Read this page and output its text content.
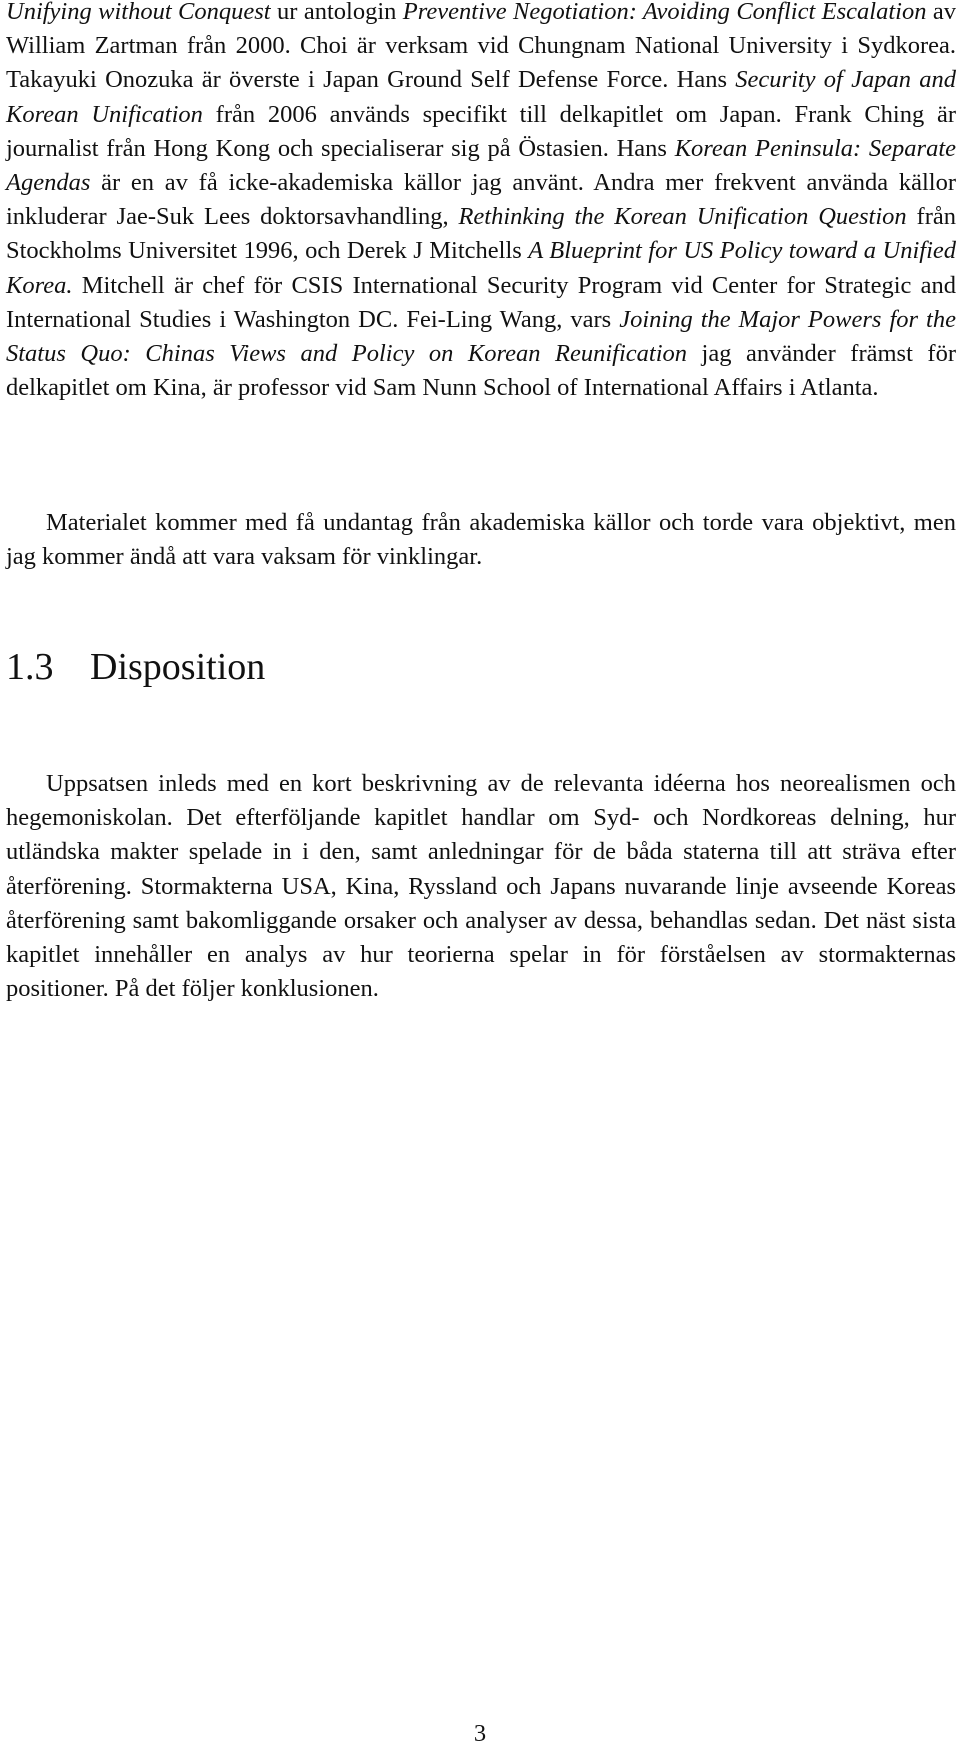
Unifying without Conquest ur antologin Preventive Negotiation: Avoiding Conflict Escalation av William Zartman från 2000. Choi är verksam vid Chungnam National University i Sydkorea. Takayuki Onozuka är överste i Japan Ground Self Defense Force. Hans Security of Japan and Korean Unification från 2006 används specifikt till delkapitlet om Japan. Frank Ching är journalist från Hong Kong och specialiserar sig på Östasien. Hans Korean Peninsula: Separate Agendas är en av få icke-akademiska källor jag använt. Andra mer frekvent använda källor inkluderar Jae-Suk Lees doktorsavhandling, Rethinking the Korean Unification Question från Stockholms Universitet 1996, och Derek J Mitchells A Blueprint for US Policy toward a Unified Korea. Mitchell är chef för CSIS International Security Program vid Center for Strategic and International Studies i Washington DC. Fei-Ling Wang, vars Joining the Major Powers for the Status Quo: Chinas Views and Policy on Korean Reunification jag använder främst för delkapitlet om Kina, är professor vid Sam Nunn School of International Affairs i Atlanta.

Materialet kommer med få undantag från akademiska källor och torde vara objektivt, men jag kommer ändå att vara vaksam för vinklingar.

1.3 Disposition

Uppsatsen inleds med en kort beskrivning av de relevanta idéerna hos neorealismen och hegemoniskolan. Det efterföljande kapitlet handlar om Syd- och Nordkoreas delning, hur utländska makter spelade in i den, samt anledningar för de båda staterna till att sträva efter återförening. Stormakterna USA, Kina, Ryssland och Japans nuvarande linje avseende Koreas återförening samt bakomliggande orsaker och analyser av dessa, behandlas sedan. Det näst sista kapitlet innehåller en analys av hur teorierna spelar in för förståelsen av stormakternas positioner. På det följer konklusionen.

3
